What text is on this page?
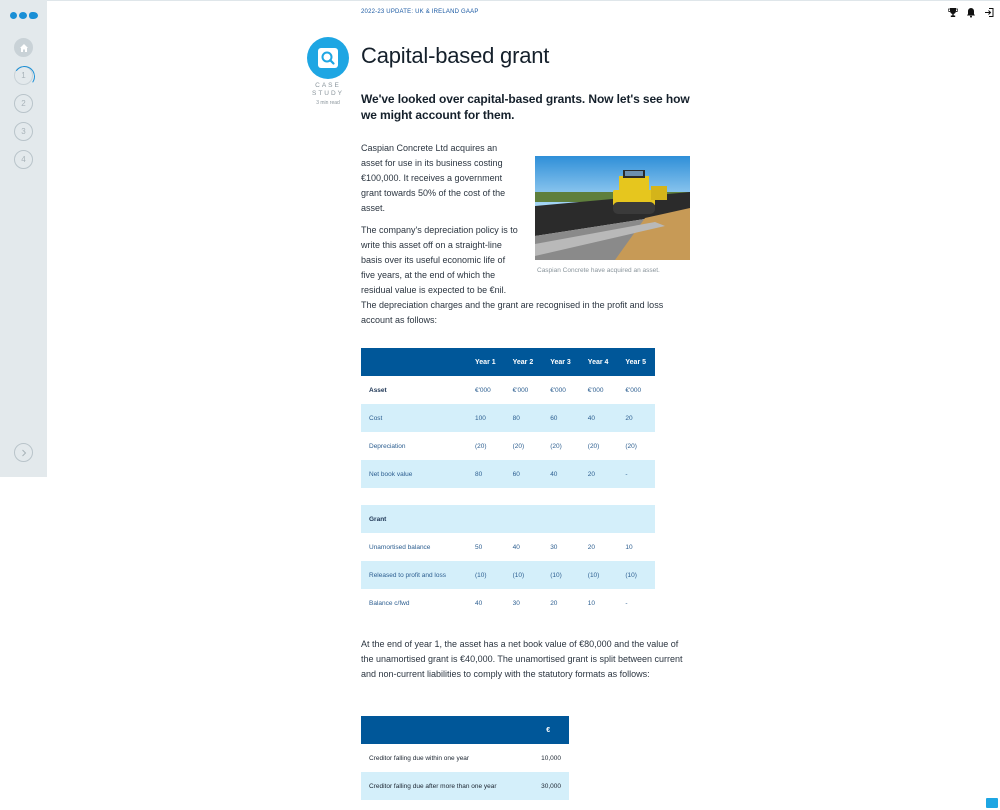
1
2
3
4
2022-23 UPDATE: UK & IRELAND GAAP
CASE STUDY
3 min read
Capital-based grant

We've looked over capital-based grants. Now let's see how we might account for them.

Caspian Concrete Ltd acquires an asset for use in its business costing €100,000. It receives a government grant towards 50% of the cost of the asset.

The company's depreciation policy is to write this asset off on a straight-line basis over its useful economic life of five years, at the end of which the residual value is expected to be €nil.

Caspian Concrete have acquired an asset.

The depreciation charges and the grant are recognised in the profit and loss account as follows:

	Year 1	Year 2	Year 3	Year 4	Year 5
Asset	€'000	€'000	€'000	€'000	€'000
Cost	100	80	60	40	20
Depreciation	(20)	(20)	(20)	(20)	(20)
Net book value	80	60	40	20	-

Grant					
Unamortised balance	50	40	30	20	10
Released to profit and loss	(10)	(10)	(10)	(10)	(10)
Balance c/fwd	40	30	20	10	-

At the end of year 1, the asset has a net book value of €80,000 and the value of the unamortised grant is €40,000. The unamortised grant is split between current and non-current liabilities to comply with the statutory formats as follows:

	€
Creditor falling due within one year	10,000
Creditor falling due after more than one year	30,000
